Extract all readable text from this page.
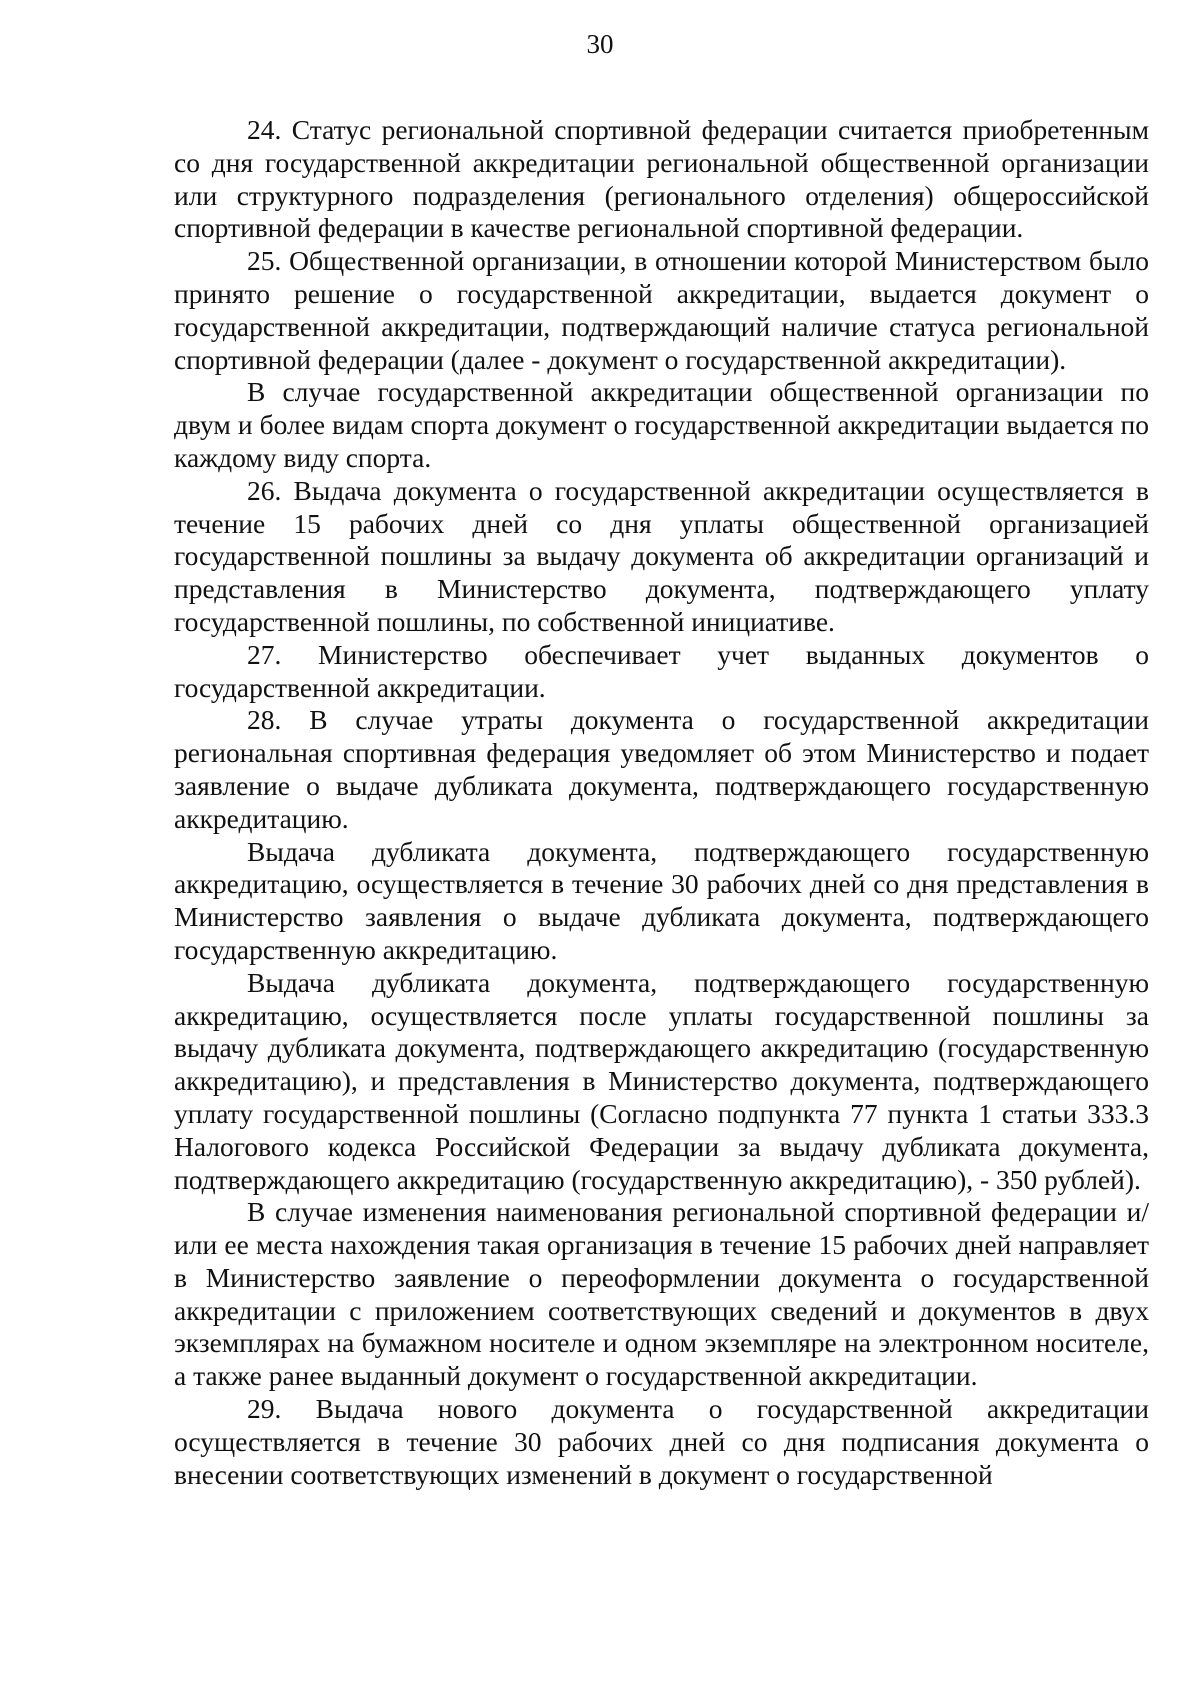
30

24. Статус региональной спортивной федерации считается приобретенным со дня государственной аккредитации региональной общественной организации или структурного подразделения (регионального отделения) общероссийской спортивной федерации в качестве региональной спортивной федерации.

25. Общественной организации, в отношении которой Министерством было принято решение о государственной аккредитации, выдается документ о государственной аккредитации, подтверждающий наличие статуса региональной спортивной федерации (далее - документ о государственной аккредитации).

В случае государственной аккредитации общественной организации по двум и более видам спорта документ о государственной аккредитации выдается по каждому виду спорта.

26. Выдача документа о государственной аккредитации осуществляется в течение 15 рабочих дней со дня уплаты общественной организацией государственной пошлины за выдачу документа об аккредитации организаций и представления в Министерство документа, подтверждающего уплату государственной пошлины, по собственной инициативе.

27. Министерство обеспечивает учет выданных документов о государственной аккредитации.

28. В случае утраты документа о государственной аккредитации региональная спортивная федерация уведомляет об этом Министерство и подает заявление о выдаче дубликата документа, подтверждающего государственную аккредитацию.

Выдача дубликата документа, подтверждающего государственную аккредитацию, осуществляется в течение 30 рабочих дней со дня представления в Министерство заявления о выдаче дубликата документа, подтверждающего государственную аккредитацию.

Выдача дубликата документа, подтверждающего государственную аккредитацию, осуществляется после уплаты государственной пошлины за выдачу дубликата документа, подтверждающего аккредитацию (государственную аккредитацию), и представления в Министерство документа, подтверждающего уплату государственной пошлины (Согласно подпункта 77 пункта 1 статьи 333.3 Налогового кодекса Российской Федерации за выдачу дубликата документа, подтверждающего аккредитацию (государственную аккредитацию), - 350 рублей).

В случае изменения наименования региональной спортивной федерации и/или ее места нахождения такая организация в течение 15 рабочих дней направляет в Министерство заявление о переоформлении документа о государственной аккредитации с приложением соответствующих сведений и документов в двух экземплярах на бумажном носителе и одном экземпляре на электронном носителе, а также ранее выданный документ о государственной аккредитации.

29. Выдача нового документа о государственной аккредитации осуществляется в течение 30 рабочих дней со дня подписания документа о внесении соответствующих изменений в документ о государственной
